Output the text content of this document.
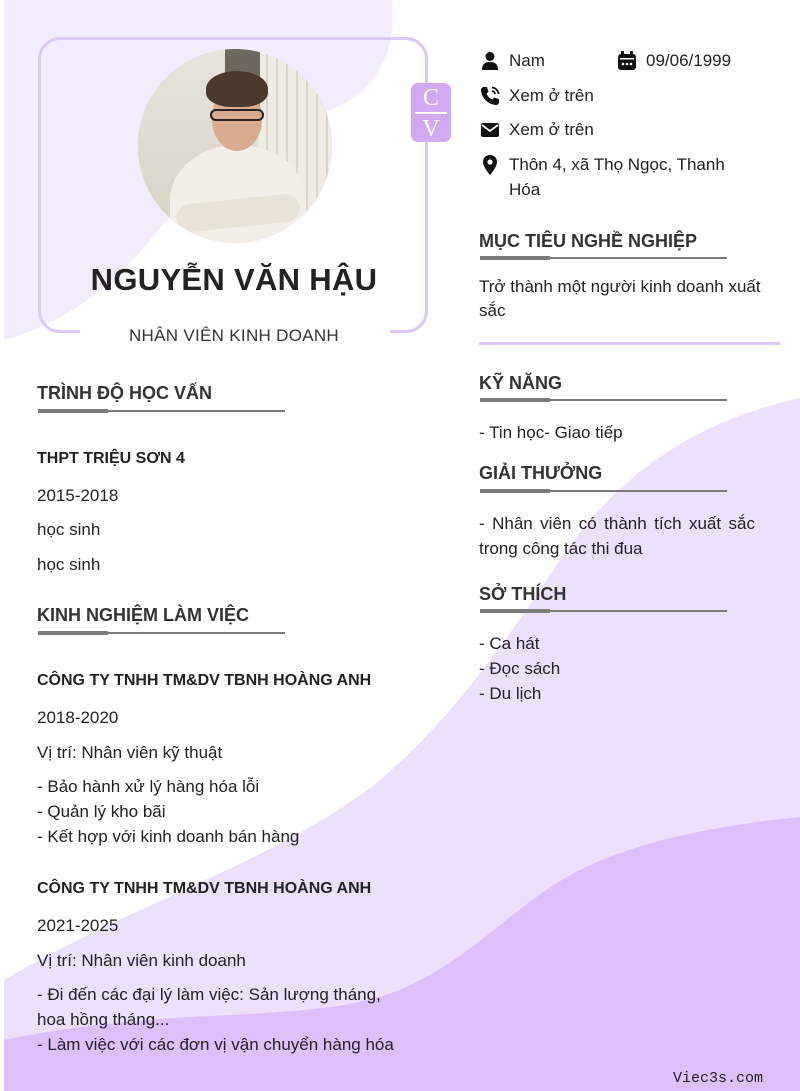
C
V
NGUYỄN VĂN HẬU
NHÂN VIÊN KINH DOANH
Nam	09/06/1999
Xem ở trên
Xem ở trên
Thôn 4, xã Thọ Ngọc, Thanh
Hóa
MỤC TIÊU NGHỀ NGHIỆP
Trở thành một người kinh doanh xuất
sắc
KỸ NĂNG
- Tin học- Giao tiếp
GIẢI THƯỞNG
- Nhân viên có thành tích xuất sắc
trong công tác thi đua
SỞ THÍCH
- Ca hát
- Đọc sách
- Du lịch
TRÌNH ĐỘ HỌC VẤN
THPT TRIỆU SƠN 4
2015-2018
học sinh
học sinh
KINH NGHIỆM LÀM VIỆC
CÔNG TY TNHH TM&DV TBNH HOÀNG ANH
2018-2020
Vị trí: Nhân viên kỹ thuật
- Bảo hành xử lý hàng hóa lỗi
- Quản lý kho bãi
- Kết hợp với kinh doanh bán hàng
CÔNG TY TNHH TM&DV TBNH HOÀNG ANH
2021-2025
Vị trí: Nhân viên kinh doanh
- Đi đến các đại lý làm việc: Sản lượng tháng,
hoa hồng tháng...
- Làm việc với các đơn vị vận chuyển hàng hóa
Viec3s.com
